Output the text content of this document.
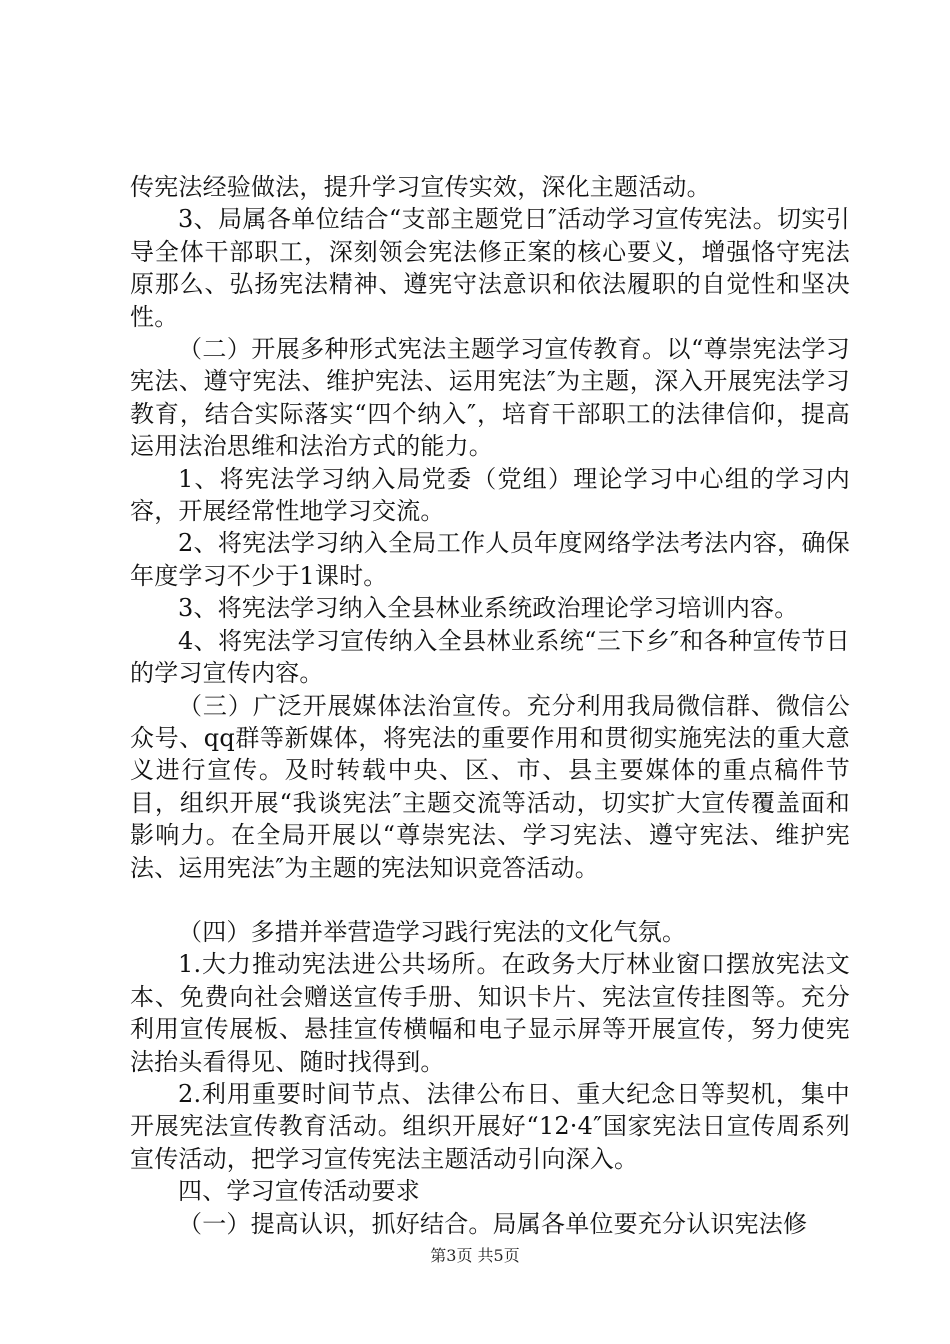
传宪法经验做法，提升学习宣传实效，深化主题活动。

3、局属各单位结合“支部主题党日″活动学习宣传宪法。切实引导全体干部职工，深刻领会宪法修正案的核心要义，增强恪守宪法原那么、弘扬宪法精神、遵宪守法意识和依法履职的自觉性和坚决性。

（二）开展多种形式宪法主题学习宣传教育。以“尊崇宪法学习宪法、遵守宪法、维护宪法、运用宪法″为主题，深入开展宪法学习教育，结合实际落实“四个纳入″，培育干部职工的法律信仰，提高运用法治思维和法治方式的能力。

1、将宪法学习纳入局党委（党组）理论学习中心组的学习内容，开展经常性地学习交流。

2、将宪法学习纳入全局工作人员年度网络学法考法内容，确保年度学习不少于1课时。

3、将宪法学习纳入全县林业系统政治理论学习培训内容。

4、将宪法学习宣传纳入全县林业系统“三下乡″和各种宣传节日的学习宣传内容。

（三）广泛开展媒体法治宣传。充分利用我局微信群、微信公众号、qq群等新媒体，将宪法的重要作用和贯彻实施宪法的重大意义进行宣传。及时转载中央、区、市、县主要媒体的重点稿件节目，组织开展“我谈宪法″主题交流等活动，切实扩大宣传覆盖面和影响力。在全局开展以“尊崇宪法、学习宪法、遵守宪法、维护宪法、运用宪法″为主题的宪法知识竞答活动。

（四）多措并举营造学习践行宪法的文化气氛。

1.大力推动宪法进公共场所。在政务大厅林业窗口摆放宪法文本、免费向社会赠送宣传手册、知识卡片、宪法宣传挂图等。充分利用宣传展板、悬挂宣传横幅和电子显示屏等开展宣传，努力使宪法抬头看得见、随时找得到。

2.利用重要时间节点、法律公布日、重大纪念日等契机，集中开展宪法宣传教育活动。组织开展好“12·4″国家宪法日宣传周系列宣传活动，把学习宣传宪法主题活动引向深入。

四、学习宣传活动要求

（一）提高认识，抓好结合。局属各单位要充分认识宪法修

第3页 共5页
